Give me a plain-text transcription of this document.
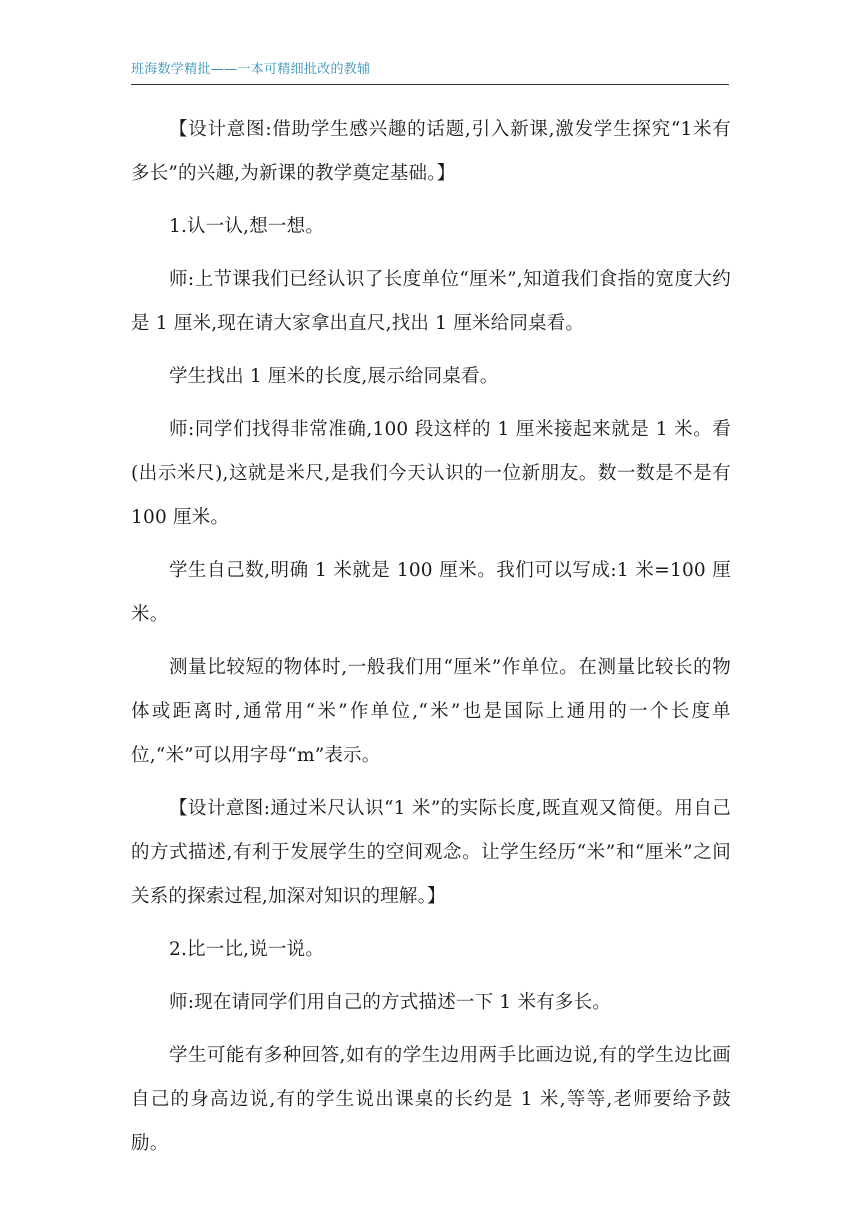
班海数学精批——一本可精细批改的教辅

【设计意图:借助学生感兴趣的话题,引入新课,激发学生探究“1米有多长”的兴趣,为新课的教学奠定基础。】

1.认一认,想一想。

师:上节课我们已经认识了长度单位“厘米”,知道我们食指的宽度大约是 1 厘米,现在请大家拿出直尺,找出 1 厘米给同桌看。

学生找出 1 厘米的长度,展示给同桌看。

师:同学们找得非常准确,100 段这样的 1 厘米接起来就是 1 米。看(出示米尺),这就是米尺,是我们今天认识的一位新朋友。数一数是不是有 100 厘米。

学生自己数,明确 1 米就是 100 厘米。我们可以写成:1 米=100 厘米。

测量比较短的物体时,一般我们用“厘米”作单位。在测量比较长的物体或距离时,通常用“米”作单位,“米”也是国际上通用的一个长度单位,“米”可以用字母“m”表示。

【设计意图:通过米尺认识“1 米”的实际长度,既直观又简便。用自己的方式描述,有利于发展学生的空间观念。让学生经历“米”和“厘米”之间关系的探索过程,加深对知识的理解。】

2.比一比,说一说。

师:现在请同学们用自己的方式描述一下 1 米有多长。

学生可能有多种回答,如有的学生边用两手比画边说,有的学生边比画自己的身高边说,有的学生说出课桌的长约是 1 米,等等,老师要给予鼓励。
